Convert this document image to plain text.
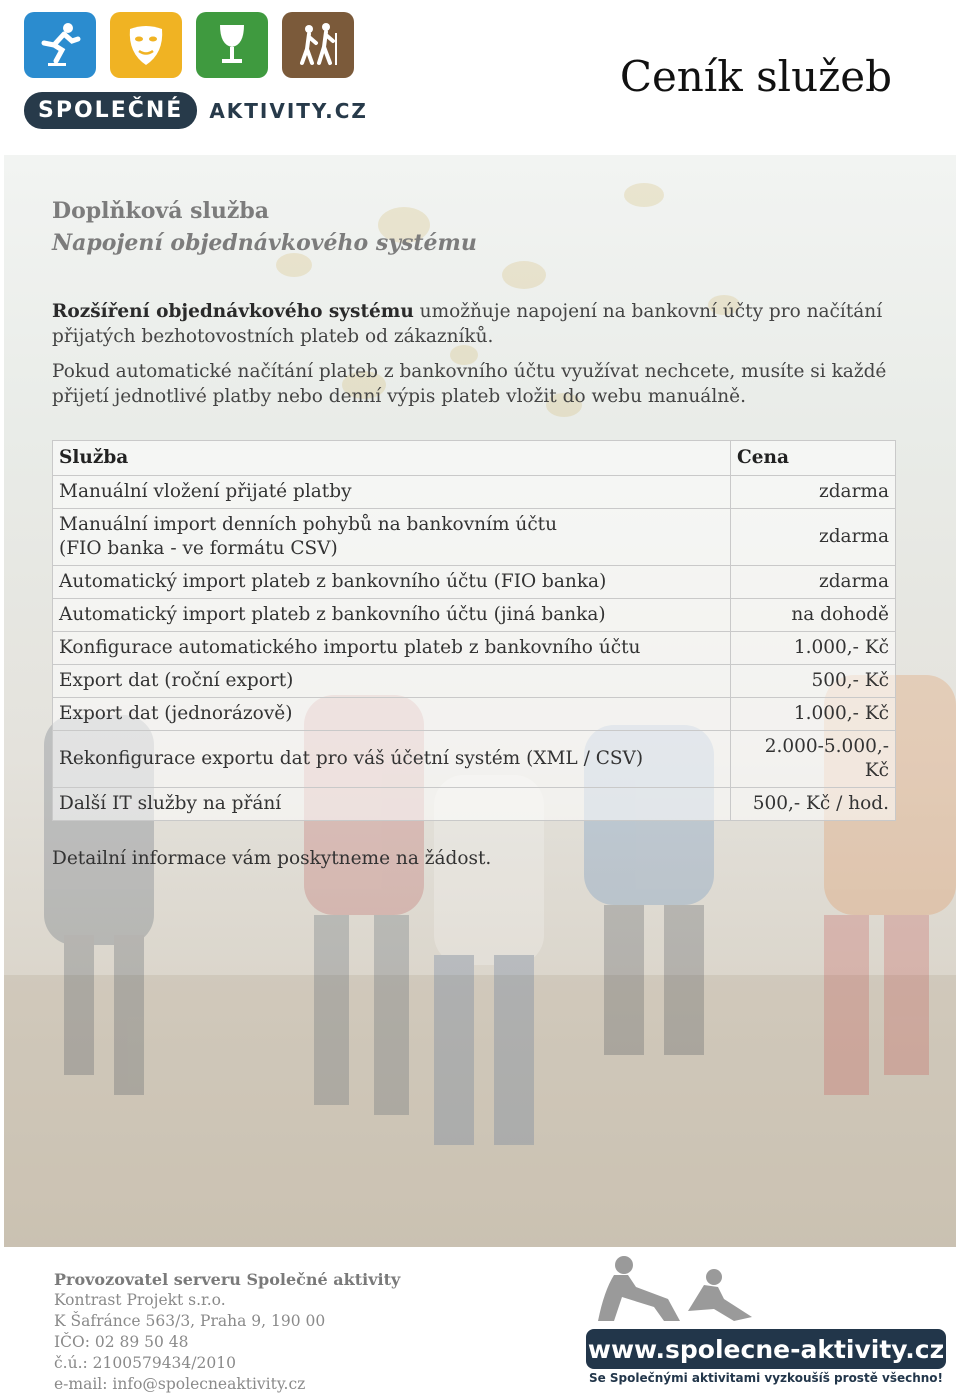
SPOLEČNÉ	AKTIVITY.CZ
Ceník služeb

Doplňková služba

Napojení objednávkového systému

Rozšíření objednávkového systému umožňuje napojení na bankovní účty pro načítání přijatých bezhotovostních plateb od zákazníků.

Pokud automatické načítání plateb z bankovního účtu využívat nechcete, musíte si každé přijetí jednotlivé platby nebo denní výpis plateb vložit do webu manuálně.

Služba	Cena
Manuální vložení přijaté platby	zdarma
Manuální import denních pohybů na bankovním účtu
(FIO banka - ve formátu CSV)	zdarma
Automatický import plateb z bankovního účtu (FIO banka)	zdarma
Automatický import plateb z bankovního účtu (jiná banka)	na dohodě
Konfigurace automatického importu plateb z bankovního účtu	1.000,- Kč
Export dat (roční export)	500,- Kč
Export dat (jednorázově)	1.000,- Kč
Rekonfigurace exportu dat pro váš účetní systém (XML / CSV)	2.000-5.000,- Kč
Další IT služby na přání	500,- Kč / hod.

Detailní informace vám poskytneme na žádost.

Provozovatel serveru Společné aktivity
Kontrast Projekt s.r.o.
K Šafránce 563/3, Praha 9, 190 00
IČO: 02 89 50 48
č.ú.: 2100579434/2010
e-mail: info@spolecneaktivity.cz
www.spolecne-aktivity.cz
Se Společnými aktivitami vyzkoušíš prostě všechno!
